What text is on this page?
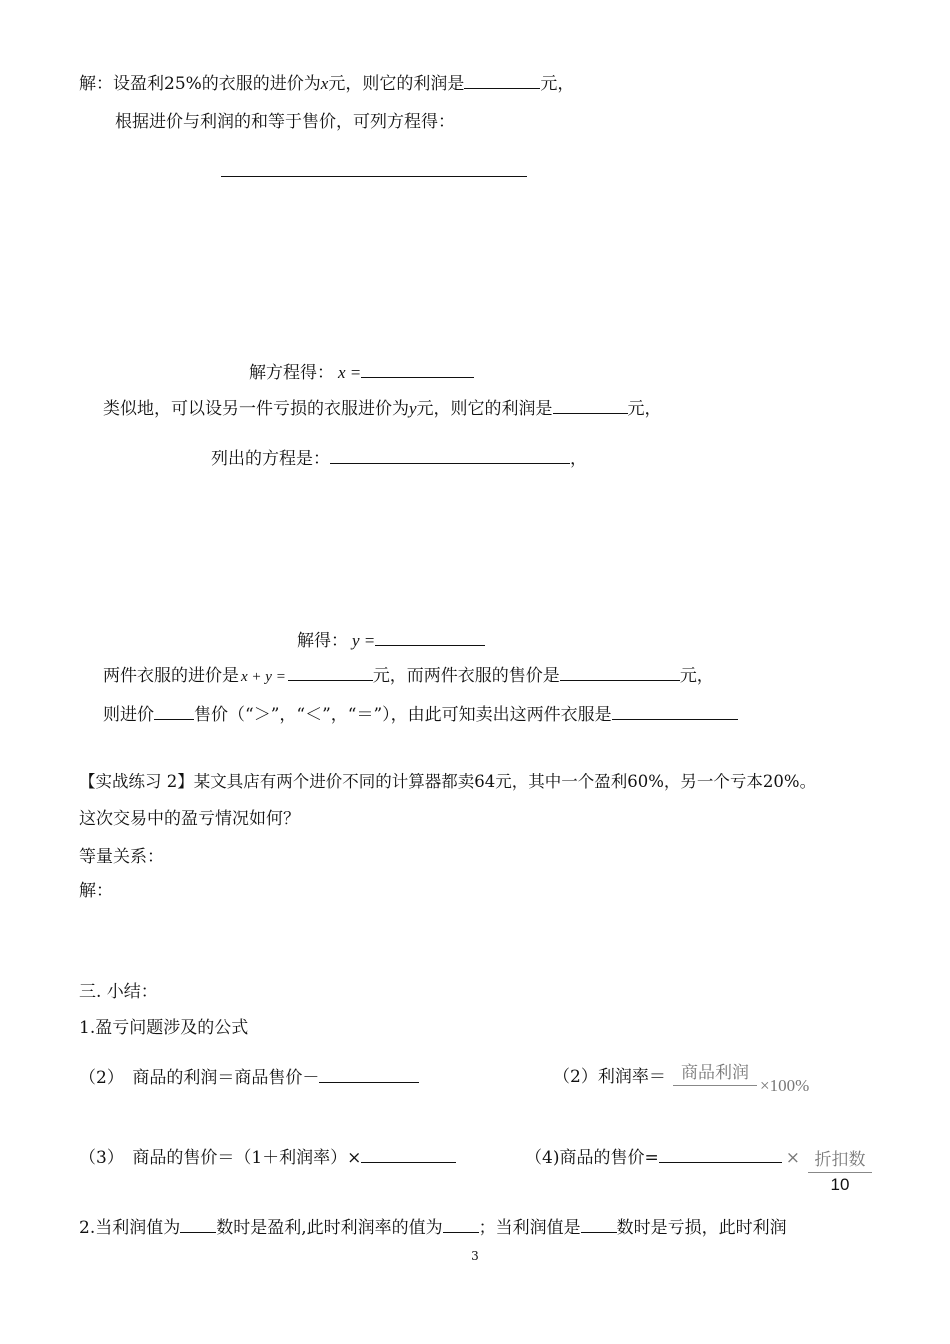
解：设盈利25%的衣服的进价为x元，则它的利润是	元，
根据进价与利润的和等于售价，可列方程得：
解方程得： x =
类似地，可以设另一件亏损的衣服进价为y元，则它的利润是	元，
列出的方程是：	，
解得： y =
两件衣服的进价是 x + y =	元，而两件衣服的售价是	元，
则进价 售价（“＞”，“＜”，“＝”），由此可知卖出这两件衣服是
【实战练习 2】某文具店有两个进价不同的计算器都卖64元，其中一个盈利60%，另一个亏本20%。
这次交易中的盈亏情况如何？
等量关系：
解：
三. 小结：
1.盈亏问题涉及的公式
（2）　商品的利润＝商品售价－	（2）利润率＝ 商品利润
×100%
（3）　商品的售价＝（1＋利润率）×	（4)商品的售价=	× 折扣数
10
2.当利润值为 数时是盈利,此时利润率的值为 ；当利润值是 数时是亏损，此时利润
3
